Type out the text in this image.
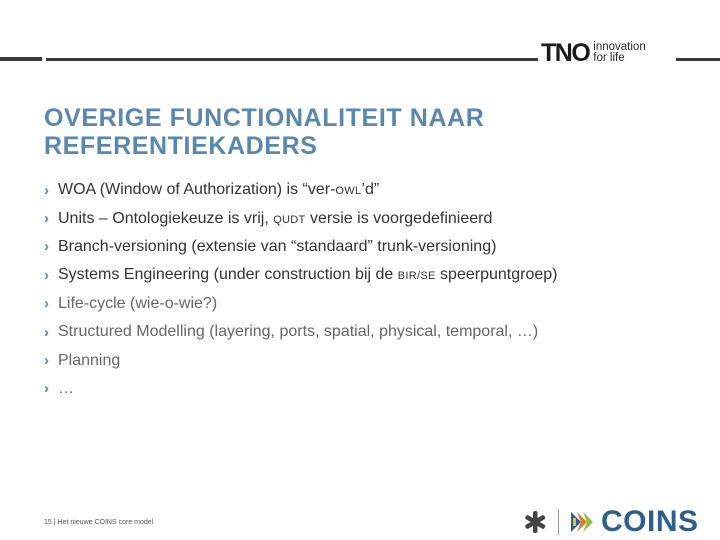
TNO innovation
for life
OVERIGE FUNCTIONALITEIT NAAR
REFERENTIEKADERS
› WOA (Window of Authorization) is “ver-OWL’d”
› Units – Ontologiekeuze is vrij, QUDT versie is voorgedefinieerd
› Branch-versioning (extensie van “standaard” trunk-versioning)
› Systems Engineering (under construction bij de BIR/SE speerpuntgroep)
› Life-cycle (wie-o-wie?)
› Structured Modelling (layering, ports, spatial, physical, temporal, …)
› Planning
› …
15 | Het nieuwe COINS core model	COINS
